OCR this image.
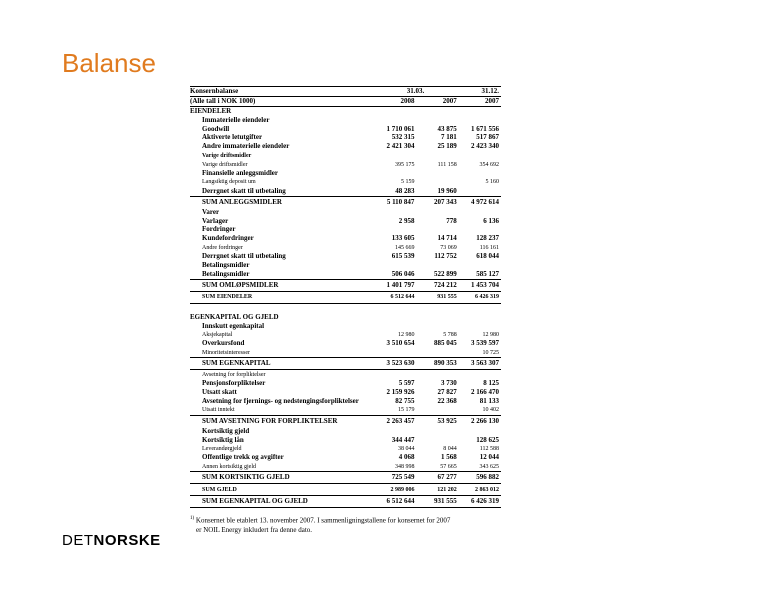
Balanse
Konsernbalanse	31.03.		31.12.
(Alle tall i NOK 1000)	2008	2007	2007
EIENDELER			
Immaterielle eiendeler			
Goodwill	1 710 061	43 875	1 671 556
Aktiverte letutgifter	532 315	7 181	517 867
Andre immaterielle eiendeler	2 421 304	25 189	2 423 340
Varige driftsmidler			
Varige driftsmidler	395 175	111 158	354 692
Finansielle anleggsmidler			
Langsiktig deposit um	5 159		5 160
Derrgnet skatt til utbetaling	48 283	19 960	
SUM ANLEGGSMIDLER	5 110 847	207 343	4 972 614
Varer			
Varlager	2 958	778	6 136
Fordringer			
Kundefordringer	133 605	14 714	128 237
Andre fordringer	145 669	73 069	116 161
Derrgnet skatt til utbetaling	615 539	112 752	618 044
Betalingsmidler			
Betalingsmidler	506 046	522 899	585 127
SUM OMLØPSMIDLER	1 401 797	724 212	1 453 704
SUM EIENDELER	6 512 644	931 555	6 426 319

EGENKAPITAL OG GJELD			
Innskutt egenkapital			
Aksjekapital	12 980	5 788	12 980
Overkursfond	3 510 654	885 045	3 539 597
Minoritetsinteresser			10 725
SUM EGENKAPITAL	3 523 630	890 353	3 563 307
Avsetning for forpliktelser			
Pensjonsforpliktelser	5 597	3 730	8 125
Utsatt skatt	2 159 926	27 827	2 166 470
Avsetning for fjernings- og nedstengingsforpliktelser	82 755	22 368	81 133
Utsatt inntekt	15 179		10 402
SUM AVSETNING FOR FORPLIKTELSER	2 263 457	53 925	2 266 130
Kortsiktig gjeld			
Kortsiktig lån	344 447		128 625
Leverandørgjeld	38 044	8 044	112 588
Offentlige trekk og avgifter	4 068	1 568	12 044
Annen kortsiktig gjeld	348 998	57 665	343 625
SUM KORTSIKTIG GJELD	725 549	67 277	596 882
SUM GJELD	2 989 006	121 202	2 863 012
SUM EGENKAPITAL OG GJELD	6 512 644	931 555	6 426 319
$^{1)}$ Konsernet ble etablert 13. november 2007. I sammenligningstallene for konsernet for 2007
er NOIL Energy inkludert fra denne dato.
DETNORSKE
